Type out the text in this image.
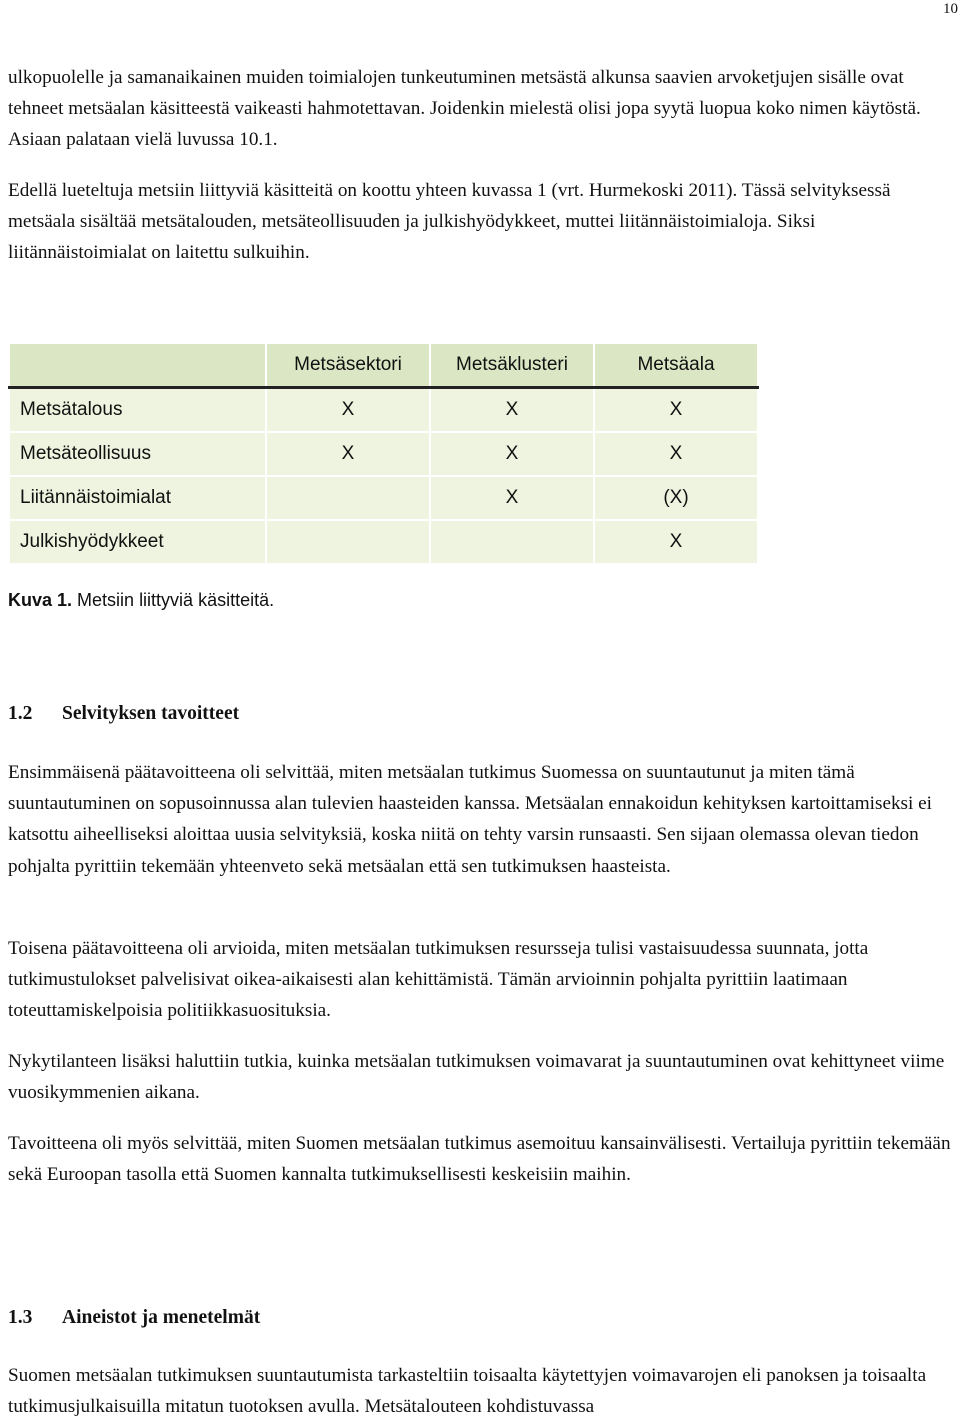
10

ulkopuolelle ja samanaikainen muiden toimialojen tunkeutuminen metsästä alkunsa saavien arvoketjujen sisälle ovat tehneet metsäalan käsitteestä vaikeasti hahmotettavan. Joidenkin mielestä olisi jopa syytä luopua koko nimen käytöstä. Asiaan palataan vielä luvussa 10.1.

Edellä lueteltuja metsiin liittyviä käsitteitä on koottu yhteen kuvassa 1 (vrt. Hurmekoski 2011). Tässä selvityksessä metsäala sisältää metsätalouden, metsäteollisuuden ja julkishyödykkeet, muttei liitännäistoimialoja. Siksi liitännäistoimialat on laitettu sulkuihin.

	Metsäsektori	Metsäklusteri	Metsäala
Metsätalous	X	X	X
Metsäteollisuus	X	X	X
Liitännäistoimialat		X	(X)
Julkishyödykkeet			X

Kuva 1. Metsiin liittyviä käsitteitä.

1.2 Selvityksen tavoitteet

Ensimmäisenä päätavoitteena oli selvittää, miten metsäalan tutkimus Suomessa on suuntautunut ja miten tämä suuntautuminen on sopusoinnussa alan tulevien haasteiden kanssa. Metsäalan ennakoidun kehityksen kartoittamiseksi ei katsottu aiheelliseksi aloittaa uusia selvityksiä, koska niitä on tehty varsin runsaasti. Sen sijaan olemassa olevan tiedon pohjalta pyrittiin tekemään yhteenveto sekä metsäalan että sen tutkimuksen haasteista.

Toisena päätavoitteena oli arvioida, miten metsäalan tutkimuksen resursseja tulisi vastaisuudessa suunnata, jotta tutkimustulokset palvelisivat oikea-aikaisesti alan kehittämistä. Tämän arvioinnin pohjalta pyrittiin laatimaan toteuttamiskelpoisia politiikkasuosituksia.

Nykytilanteen lisäksi haluttiin tutkia, kuinka metsäalan tutkimuksen voimavarat ja suuntautuminen ovat kehittyneet viime vuosikymmenien aikana.

Tavoitteena oli myös selvittää, miten Suomen metsäalan tutkimus asemoituu kansainvälisesti. Vertailuja pyrittiin tekemään sekä Euroopan tasolla että Suomen kannalta tutkimuksellisesti keskeisiin maihin.

1.3 Aineistot ja menetelmät

Suomen metsäalan tutkimuksen suuntautumista tarkasteltiin toisaalta käytettyjen voimavarojen eli panoksen ja toisaalta tutkimusjulkaisuilla mitatun tuotoksen avulla. Metsätalouteen kohdistuvassa
